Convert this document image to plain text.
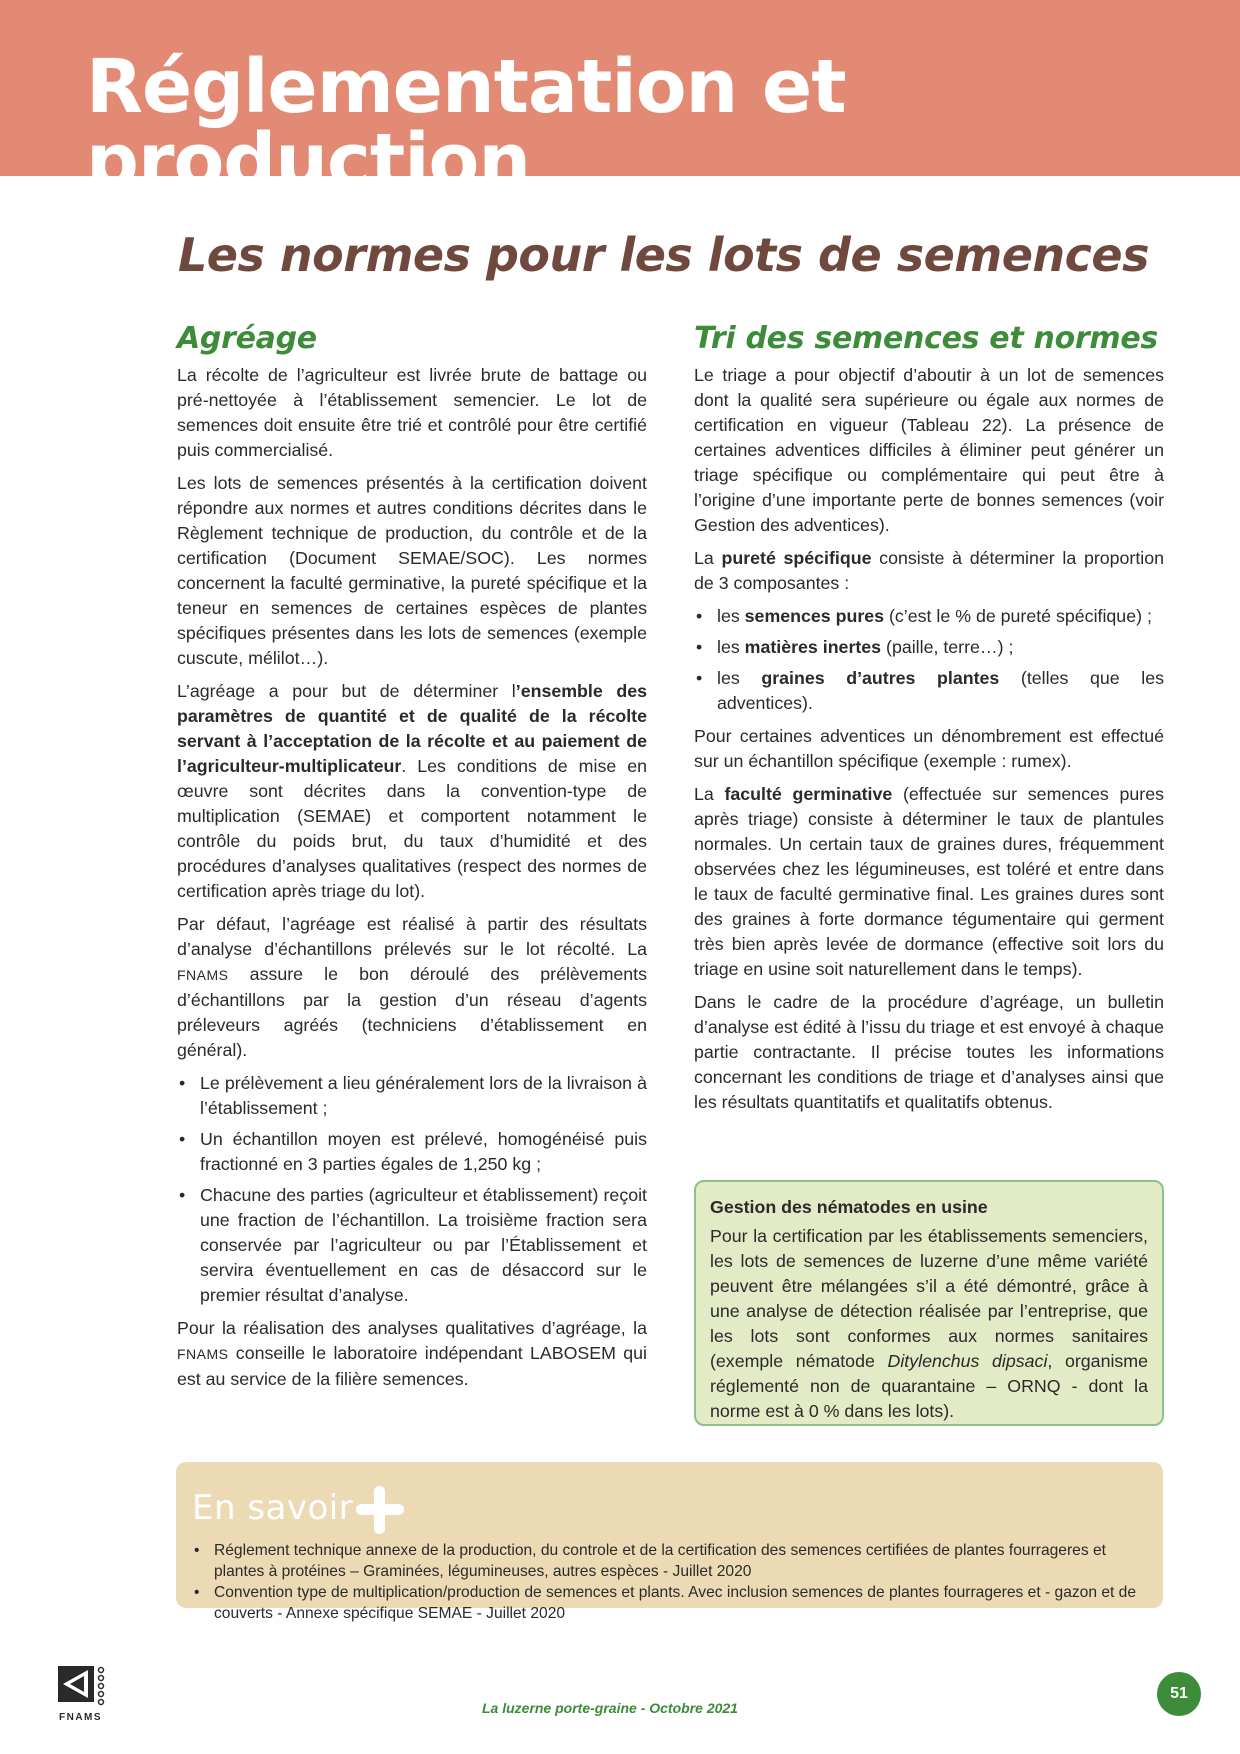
Réglementation et production
Les normes pour les lots de semences
Agréage

La récolte de l’agriculteur est livrée brute de battage ou pré-nettoyée à l’établissement semencier. Le lot de semences doit ensuite être trié et contrôlé pour être certifié puis commercialisé.

Les lots de semences présentés à la certification doivent répondre aux normes et autres conditions décrites dans le Règlement technique de production, du contrôle et de la certification (Document SEMAE/SOC). Les normes concernent la faculté germinative, la pureté spécifique et la teneur en semences de certaines espèces de plantes spécifiques présentes dans les lots de semences (exemple cuscute, mélilot…).

L’agréage a pour but de déterminer l’ensemble des paramètres de quantité et de qualité de la récolte servant à l’acceptation de la récolte et au paiement de l’agriculteur-multiplicateur. Les conditions de mise en œuvre sont décrites dans la convention-type de multiplication (SEMAE) et comportent notamment le contrôle du poids brut, du taux d’humidité et des procédures d’analyses qualitatives (respect des normes de certification après triage du lot).

Par défaut, l’agréage est réalisé à partir des résultats d’analyse d’échantillons prélevés sur le lot récolté. La FNAMS assure le bon déroulé des prélèvements d’échantillons par la gestion d’un réseau d’agents préleveurs agréés (techniciens d’établissement en général).

• Le prélèvement a lieu généralement lors de la livraison à l’établissement ;
• Un échantillon moyen est prélevé, homogénéisé puis fractionné en 3 parties égales de 1,250 kg ;
• Chacune des parties (agriculteur et établissement) reçoit une fraction de l’échantillon. La troisième fraction sera conservée par l’agriculteur ou par l’Établissement et servira éventuellement en cas de désaccord sur le premier résultat d’analyse.

Pour la réalisation des analyses qualitatives d’agréage, la FNAMS conseille le laboratoire indépendant LABOSEM qui est au service de la filière semences.

Tri des semences et normes

Le triage a pour objectif d’aboutir à un lot de semences dont la qualité sera supérieure ou égale aux normes de certification en vigueur (Tableau 22). La présence de certaines adventices difficiles à éliminer peut générer un triage spécifique ou complémentaire qui peut être à l’origine d’une importante perte de bonnes semences (voir Gestion des adventices).

La pureté spécifique consiste à déterminer la proportion de 3 composantes :

• les semences pures (c’est le % de pureté spécifique) ;
• les matières inertes (paille, terre…) ;
• les graines d’autres plantes (telles que les adventices).

Pour certaines adventices un dénombrement est effectué sur un échantillon spécifique (exemple : rumex).

La faculté germinative (effectuée sur semences pures après triage) consiste à déterminer le taux de plantules normales. Un certain taux de graines dures, fréquemment observées chez les légumineuses, est toléré et entre dans le taux de faculté germinative final. Les graines dures sont des graines à forte dormance tégumentaire qui germent très bien après levée de dormance (effective soit lors du triage en usine soit naturellement dans le temps).

Dans le cadre de la procédure d’agréage, un bulletin d’analyse est édité à l’issu du triage et est envoyé à chaque partie contractante. Il précise toutes les informations concernant les conditions de triage et d’analyses ainsi que les résultats quantitatifs et qualitatifs obtenus.

Gestion des nématodes en usine

Pour la certification par les établissements semenciers, les lots de semences de luzerne d’une même variété peuvent être mélangées s’il a été démontré, grâce à une analyse de détection réalisée par l’entreprise, que les lots sont conformes aux normes sanitaires (exemple nématode Ditylenchus dipsaci, organisme réglementé non de quarantaine – ORNQ - dont la norme est à 0 % dans les lots).

En savoir
• Réglement technique annexe de la production, du controle et de la certification des semences certifiées de plantes fourrageres et plantes à protéines – Graminées, légumineuses, autres espèces - Juillet 2020
• Convention type de multiplication/production de semences et plants. Avec inclusion semences de plantes fourrageres et - gazon et de couverts - Annexe spécifique SEMAE - Juillet 2020
FNAMS
La luzerne porte-graine - Octobre 2021
51
